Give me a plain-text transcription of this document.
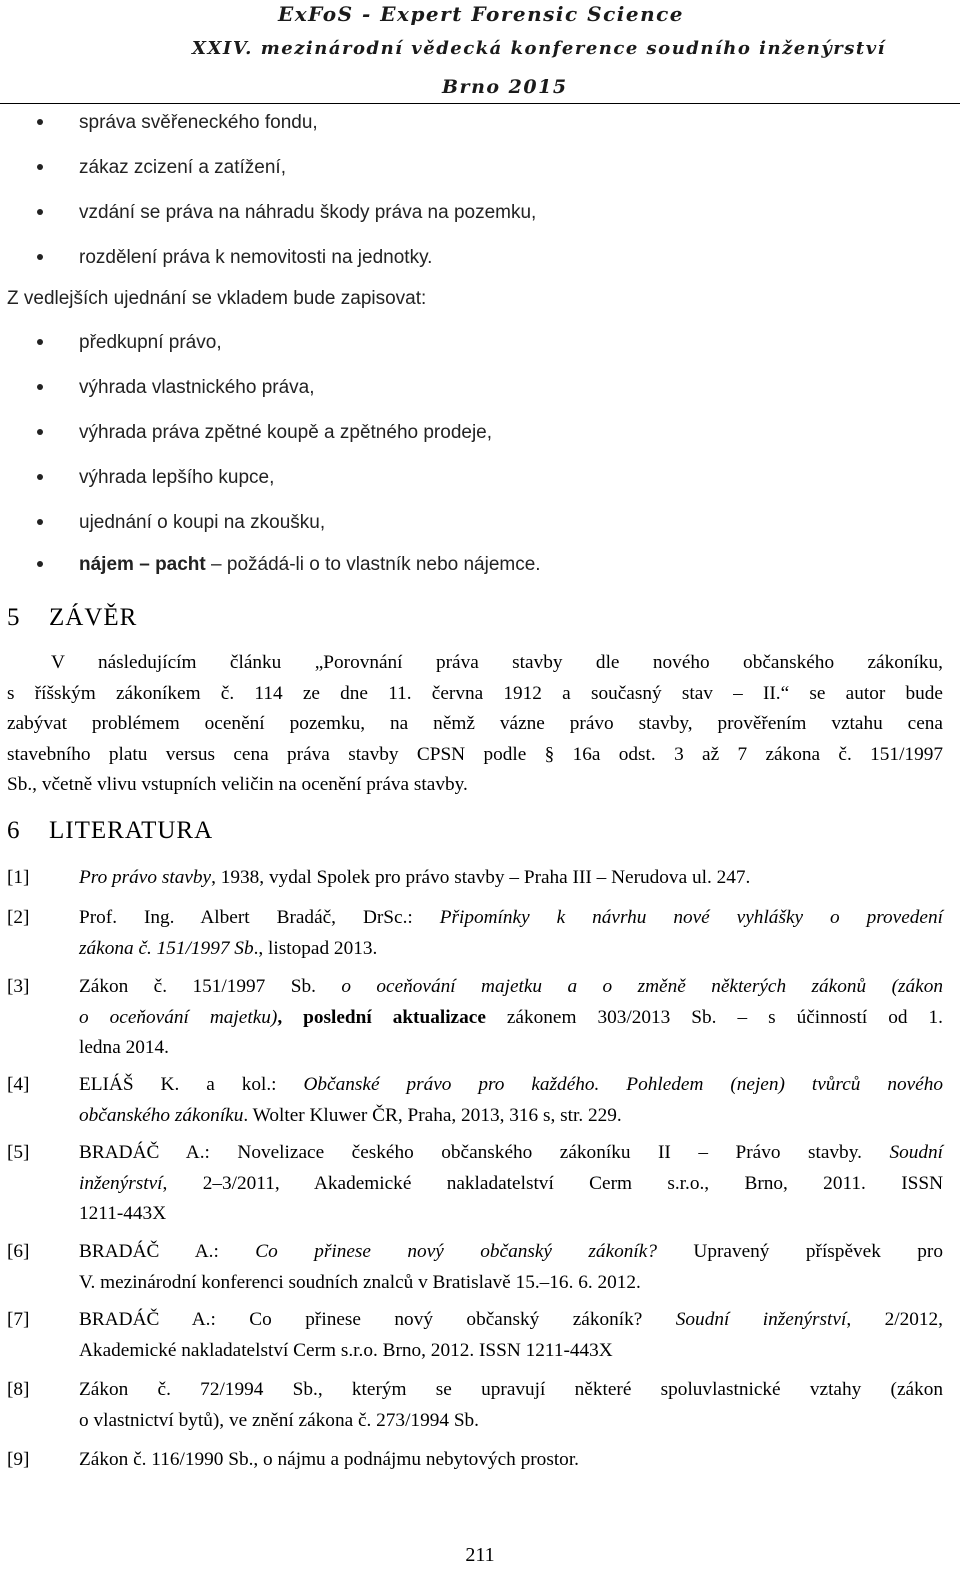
ExFoS - Expert Forensic Science
XXIV. mezinárodní vědecká konference soudního inženýrství
Brno 2015
správa svěřeneckého fondu,
zákaz zcizení a zatížení,
vzdání se práva na náhradu škody práva na pozemku,
rozdělení práva k nemovitosti na jednotky.
Z vedlejších ujednání se vkladem bude zapisovat:
předkupní právo,
výhrada vlastnického práva,
výhrada práva zpětné koupě a zpětného prodeje,
výhrada lepšího kupce,
ujednání o koupi na zkoušku,
nájem – pacht – požádá-li o to vlastník nebo nájemce.
5 ZÁVĚR
V následujícím článku „Porovnání práva stavby dle nového občanského zákoníku,
s říšským zákoníkem č. 114 ze dne 11. června 1912 a současný stav – II.“ se autor bude
zabývat problémem ocenění pozemku, na němž vázne právo stavby, prověřením vztahu cena
stavebního platu versus cena práva stavby CPSN podle § 16a odst. 3 až 7 zákona č. 151/1997
Sb., včetně vlivu vstupních veličin na ocenění práva stavby.
6 LITERATURA
[1]	Pro právo stavby, 1938, vydal Spolek pro právo stavby – Praha III – Nerudova ul. 247.
[2]	Prof. Ing. Albert Bradáč, DrSc.: Připomínky k návrhu nové vyhlášky o provedení
zákona č. 151/1997 Sb., listopad 2013.
[3]	Zákon č. 151/1997 Sb. o oceňování majetku a o změně některých zákonů (zákon
o oceňování majetku), poslední aktualizace zákonem 303/2013 Sb. – s účinností od 1.
ledna 2014.
[4]	ELIÁŠ K. a kol.: Občanské právo pro každého. Pohledem (nejen) tvůrců nového
občanského zákoníku. Wolter Kluwer ČR, Praha, 2013, 316 s, str. 229.
[5]	BRADÁČ A.: Novelizace českého občanského zákoníku II – Právo stavby. Soudní
inženýrství, 2–3/2011, Akademické nakladatelství Cerm s.r.o., Brno, 2011. ISSN
1211-443X
[6]	BRADÁČ A.: Co přinese nový občanský zákoník? Upravený příspěvek pro
V. mezinárodní konferenci soudních znalců v Bratislavě 15.–16. 6. 2012.
[7]	BRADÁČ A.: Co přinese nový občanský zákoník? Soudní inženýrství, 2/2012,
Akademické nakladatelství Cerm s.r.o. Brno, 2012. ISSN 1211-443X
[8]	Zákon č. 72/1994 Sb., kterým se upravují některé spoluvlastnické vztahy (zákon
o vlastnictví bytů), ve znění zákona č. 273/1994 Sb.
[9]	Zákon č. 116/1990 Sb., o nájmu a podnájmu nebytových prostor.
211
